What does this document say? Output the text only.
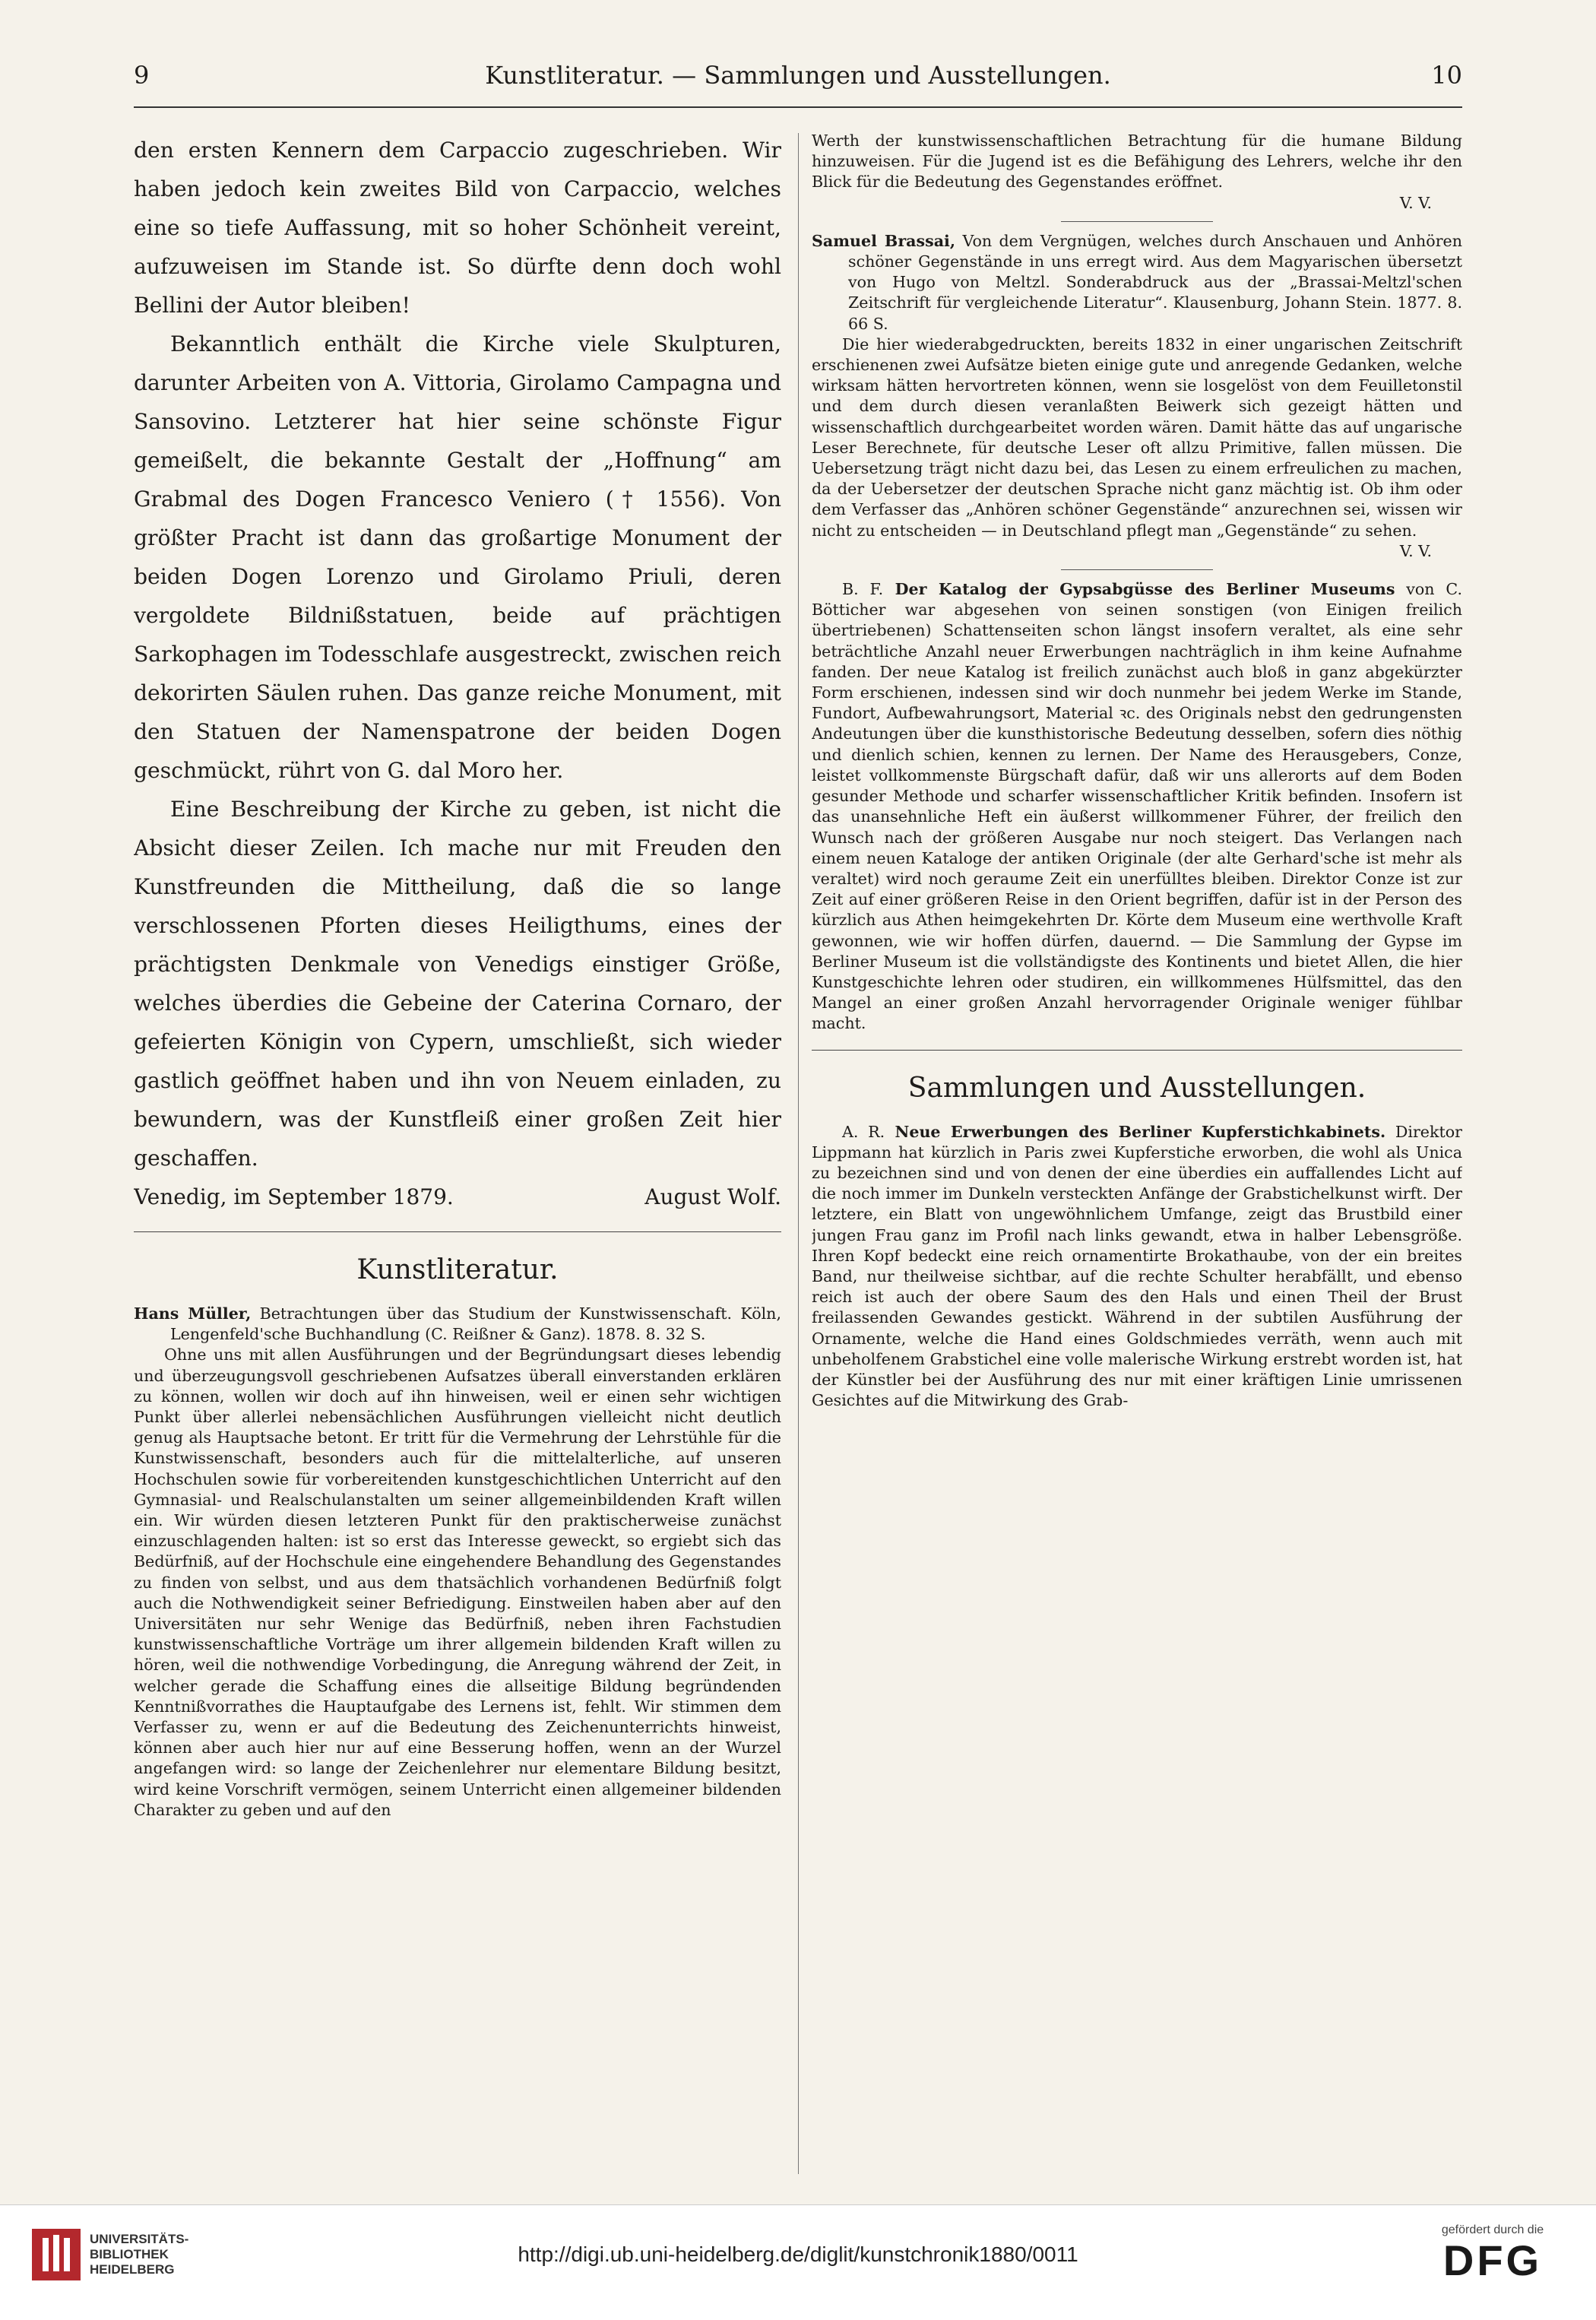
9	Kunstliteratur. — Sammlungen und Ausstellungen.	10

den ersten Kennern dem Carpaccio zugeschrieben. Wir haben jedoch kein zweites Bild von Carpaccio, welches eine so tiefe Auffassung, mit so hoher Schönheit vereint, aufzuweisen im Stande ist. So dürfte denn doch wohl Bellini der Autor bleiben!

Bekanntlich enthält die Kirche viele Skulpturen, darunter Arbeiten von A. Vittoria, Girolamo Campagna und Sansovino. Letzterer hat hier seine schönste Figur gemeißelt, die bekannte Gestalt der „Hoffnung“ am Grabmal des Dogen Francesco Veniero († 1556). Von größter Pracht ist dann das großartige Monument der beiden Dogen Lorenzo und Girolamo Priuli, deren vergoldete Bildnißstatuen, beide auf prächtigen Sarkophagen im Todesschlafe ausgestreckt, zwischen reich dekorirten Säulen ruhen. Das ganze reiche Monument, mit den Statuen der Namenspatrone der beiden Dogen geschmückt, rührt von G. dal Moro her.

Eine Beschreibung der Kirche zu geben, ist nicht die Absicht dieser Zeilen. Ich mache nur mit Freuden den Kunstfreunden die Mittheilung, daß die so lange verschlossenen Pforten dieses Heiligthums, eines der prächtigsten Denkmale von Venedigs einstiger Größe, welches überdies die Gebeine der Caterina Cornaro, der gefeierten Königin von Cypern, umschließt, sich wieder gastlich geöffnet haben und ihn von Neuem einladen, zu bewundern, was der Kunstfleiß einer großen Zeit hier geschaffen.

Venedig, im September 1879.	August Wolf.
Kunstliteratur.

Hans Müller, Betrachtungen über das Studium der Kunstwissenschaft. Köln, Lengenfeld'sche Buchhandlung (C. Reißner & Ganz). 1878. 8. 32 S.

Ohne uns mit allen Ausführungen und der Begründungsart dieses lebendig und überzeugungsvoll geschriebenen Aufsatzes überall einverstanden erklären zu können, wollen wir doch auf ihn hinweisen, weil er einen sehr wichtigen Punkt über allerlei nebensächlichen Ausführungen vielleicht nicht deutlich genug als Hauptsache betont. Er tritt für die Vermehrung der Lehrstühle für die Kunstwissenschaft, besonders auch für die mittelalterliche, auf unseren Hochschulen sowie für vorbereitenden kunstgeschichtlichen Unterricht auf den Gymnasial- und Realschulanstalten um seiner allgemeinbildenden Kraft willen ein. Wir würden diesen letzteren Punkt für den praktischerweise zunächst einzuschlagenden halten: ist so erst das Interesse geweckt, so ergiebt sich das Bedürfniß, auf der Hochschule eine eingehendere Behandlung des Gegenstandes zu finden von selbst, und aus dem thatsächlich vorhandenen Bedürfniß folgt auch die Nothwendigkeit seiner Befriedigung. Einstweilen haben aber auf den Universitäten nur sehr Wenige das Bedürfniß, neben ihren Fachstudien kunstwissenschaftliche Vorträge um ihrer allgemein bildenden Kraft willen zu hören, weil die nothwendige Vorbedingung, die Anregung während der Zeit, in welcher gerade die Schaffung eines die allseitige Bildung begründenden Kenntnißvorrathes die Hauptaufgabe des Lernens ist, fehlt. Wir stimmen dem Verfasser zu, wenn er auf die Bedeutung des Zeichenunterrichts hinweist, können aber auch hier nur auf eine Besserung hoffen, wenn an der Wurzel angefangen wird: so lange der Zeichenlehrer nur elementare Bildung besitzt, wird keine Vorschrift vermögen, seinem Unterricht einen allgemeiner bildenden Charakter zu geben und auf den

Werth der kunstwissenschaftlichen Betrachtung für die humane Bildung hinzuweisen. Für die Jugend ist es die Befähigung des Lehrers, welche ihr den Blick für die Bedeutung des Gegenstandes eröffnet.

V. V.

Samuel Brassai, Von dem Vergnügen, welches durch Anschauen und Anhören schöner Gegenstände in uns erregt wird. Aus dem Magyarischen übersetzt von Hugo von Meltzl. Sonderabdruck aus der „Brassai-Meltzl'schen Zeitschrift für vergleichende Literatur“. Klausenburg, Johann Stein. 1877. 8. 66 S.

Die hier wiederabgedruckten, bereits 1832 in einer ungarischen Zeitschrift erschienenen zwei Aufsätze bieten einige gute und anregende Gedanken, welche wirksam hätten hervortreten können, wenn sie losgelöst von dem Feuilletonstil und dem durch diesen veranlaßten Beiwerk sich gezeigt hätten und wissenschaftlich durchgearbeitet worden wären. Damit hätte das auf ungarische Leser Berechnete, für deutsche Leser oft allzu Primitive, fallen müssen. Die Uebersetzung trägt nicht dazu bei, das Lesen zu einem erfreulichen zu machen, da der Uebersetzer der deutschen Sprache nicht ganz mächtig ist. Ob ihm oder dem Verfasser das „Anhören schöner Gegenstände“ anzurechnen sei, wissen wir nicht zu entscheiden — in Deutschland pflegt man „Gegenstände“ zu sehen.

V. V.

B. F. Der Katalog der Gypsabgüsse des Berliner Museums von C. Bötticher war abgesehen von seinen sonstigen (von Einigen freilich übertriebenen) Schattenseiten schon längst insofern veraltet, als eine sehr beträchtliche Anzahl neuer Erwerbungen nachträglich in ihm keine Aufnahme fanden. Der neue Katalog ist freilich zunächst auch bloß in ganz abgekürzter Form erschienen, indessen sind wir doch nunmehr bei jedem Werke im Stande, Fundort, Aufbewahrungsort, Material ꝛc. des Originals nebst den gedrungensten Andeutungen über die kunsthistorische Bedeutung desselben, sofern dies nöthig und dienlich schien, kennen zu lernen. Der Name des Herausgebers, Conze, leistet vollkommenste Bürgschaft dafür, daß wir uns allerorts auf dem Boden gesunder Methode und scharfer wissenschaftlicher Kritik befinden. Insofern ist das unansehnliche Heft ein äußerst willkommener Führer, der freilich den Wunsch nach der größeren Ausgabe nur noch steigert. Das Verlangen nach einem neuen Kataloge der antiken Originale (der alte Gerhard'sche ist mehr als veraltet) wird noch geraume Zeit ein unerfülltes bleiben. Direktor Conze ist zur Zeit auf einer größeren Reise in den Orient begriffen, dafür ist in der Person des kürzlich aus Athen heimgekehrten Dr. Körte dem Museum eine werthvolle Kraft gewonnen, wie wir hoffen dürfen, dauernd. — Die Sammlung der Gypse im Berliner Museum ist die vollständigste des Kontinents und bietet Allen, die hier Kunstgeschichte lehren oder studiren, ein willkommenes Hülfsmittel, das den Mangel an einer großen Anzahl hervorragender Originale weniger fühlbar macht.

Sammlungen und Ausstellungen.

A. R. Neue Erwerbungen des Berliner Kupferstichkabinets. Direktor Lippmann hat kürzlich in Paris zwei Kupferstiche erworben, die wohl als Unica zu bezeichnen sind und von denen der eine überdies ein auffallendes Licht auf die noch immer im Dunkeln versteckten Anfänge der Grabstichelkunst wirft. Der letztere, ein Blatt von ungewöhnlichem Umfange, zeigt das Brustbild einer jungen Frau ganz im Profil nach links gewandt, etwa in halber Lebensgröße. Ihren Kopf bedeckt eine reich ornamentirte Brokathaube, von der ein breites Band, nur theilweise sichtbar, auf die rechte Schulter herabfällt, und ebenso reich ist auch der obere Saum des den Hals und einen Theil der Brust freilassenden Gewandes gestickt. Während in der subtilen Ausführung der Ornamente, welche die Hand eines Goldschmiedes verräth, wenn auch mit unbeholfenem Grabstichel eine volle malerische Wirkung erstrebt worden ist, hat der Künstler bei der Ausführung des nur mit einer kräftigen Linie umrissenen Gesichtes auf die Mitwirkung des Grab-

UNIVERSITÄTS-
BIBLIOTHEK
HEIDELBERG
http://digi.ub.uni-heidelberg.de/diglit/kunstchronik1880/0011
gefördert durch die
DFG
